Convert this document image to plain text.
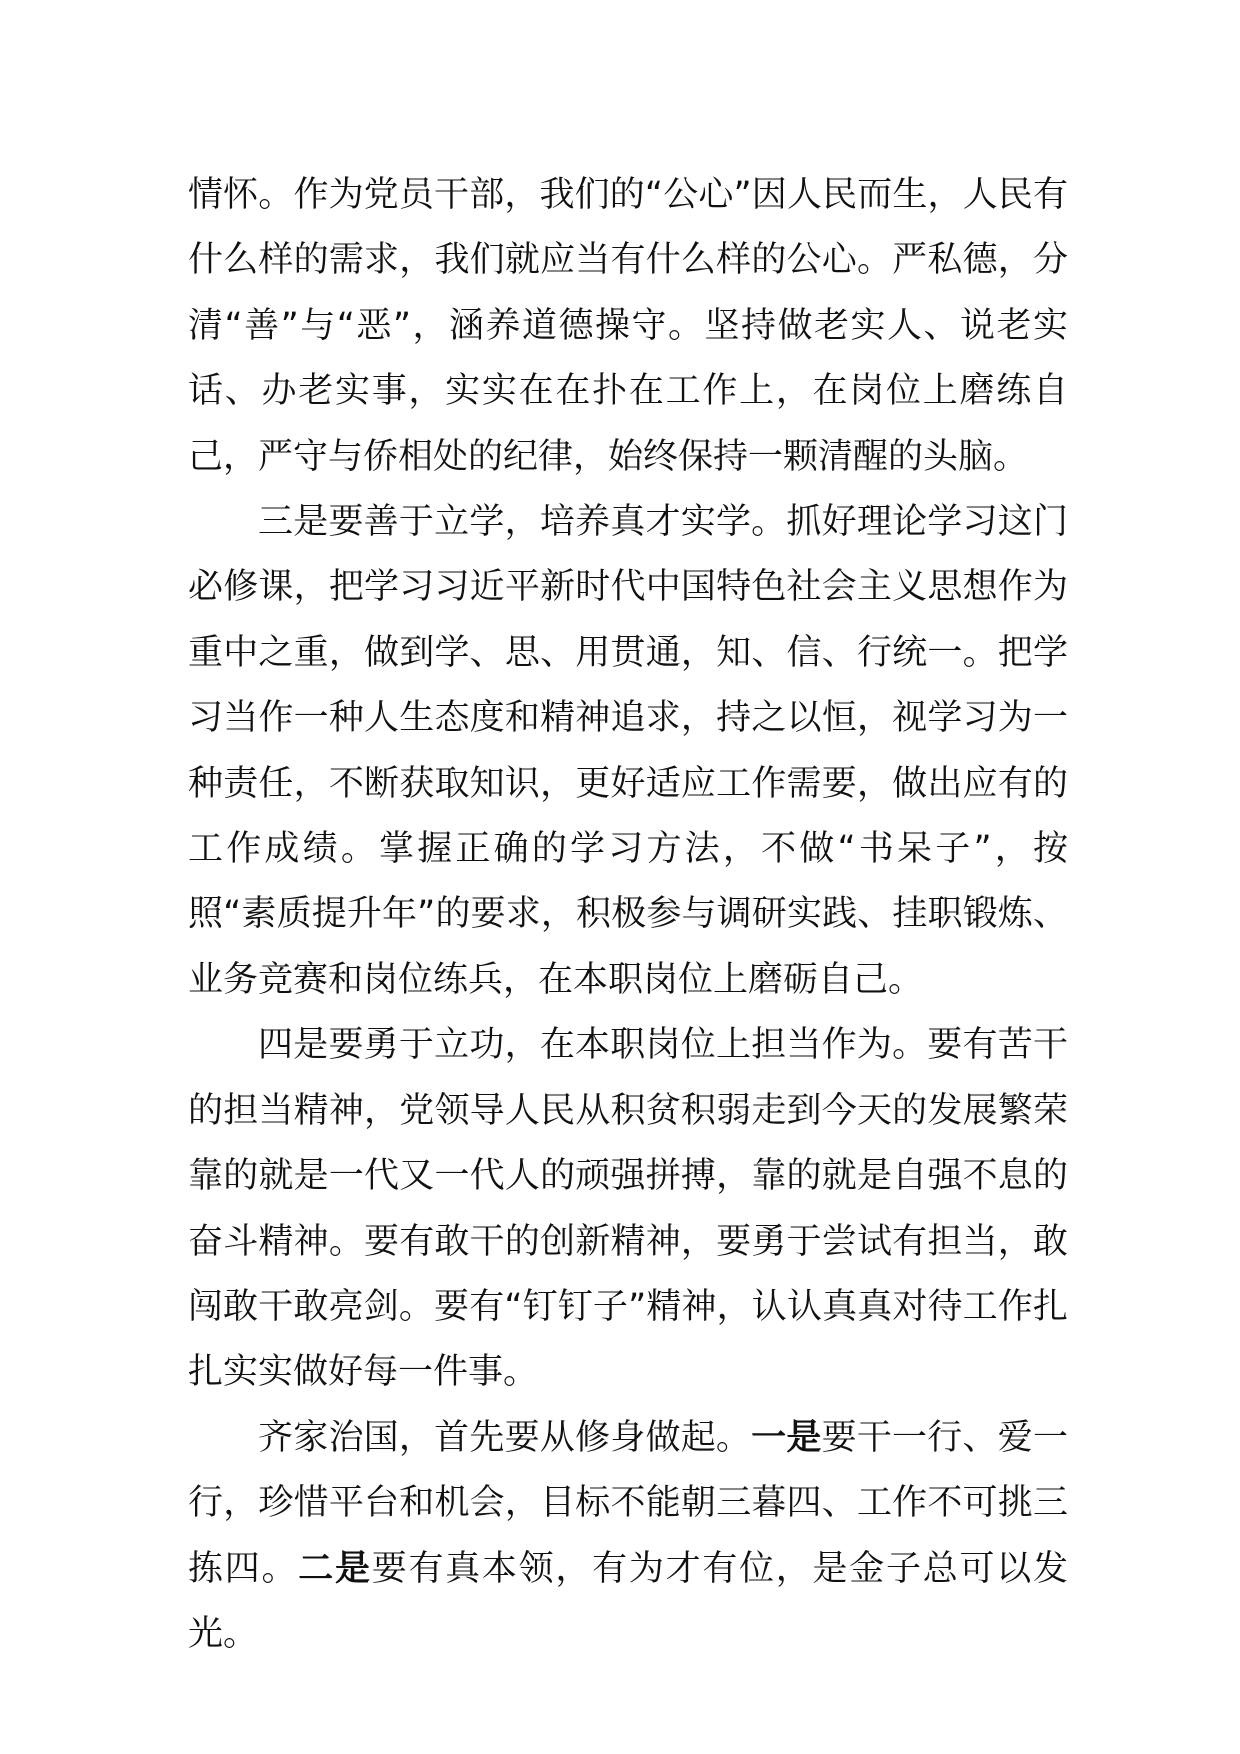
情怀。作为党员干部，我们的“公心”因人民而生，人民有什么样的需求，我们就应当有什么样的公心。严私德，分清“善”与“恶”，涵养道德操守。坚持做老实人、说老实话、办老实事，实实在在扑在工作上，在岗位上磨练自己，严守与侨相处的纪律，始终保持一颗清醒的头脑。

三是要善于立学，培养真才实学。抓好理论学习这门必修课，把学习习近平新时代中国特色社会主义思想作为重中之重，做到学、思、用贯通，知、信、行统一。把学习当作一种人生态度和精神追求，持之以恒，视学习为一种责任，不断获取知识，更好适应工作需要，做出应有的工作成绩。掌握正确的学习方法，不做“书呆子”，按照“素质提升年”的要求，积极参与调研实践、挂职锻炼、业务竞赛和岗位练兵，在本职岗位上磨砺自己。

四是要勇于立功，在本职岗位上担当作为。要有苦干的担当精神，党领导人民从积贫积弱走到今天的发展繁荣靠的就是一代又一代人的顽强拼搏，靠的就是自强不息的奋斗精神。要有敢干的创新精神，要勇于尝试有担当，敢闯敢干敢亮剑。要有“钉钉子”精神，认认真真对待工作扎扎实实做好每一件事。

齐家治国，首先要从修身做起。一是要干一行、爱一行，珍惜平台和机会，目标不能朝三暮四、工作不可挑三拣四。二是要有真本领，有为才有位，是金子总可以发光。
